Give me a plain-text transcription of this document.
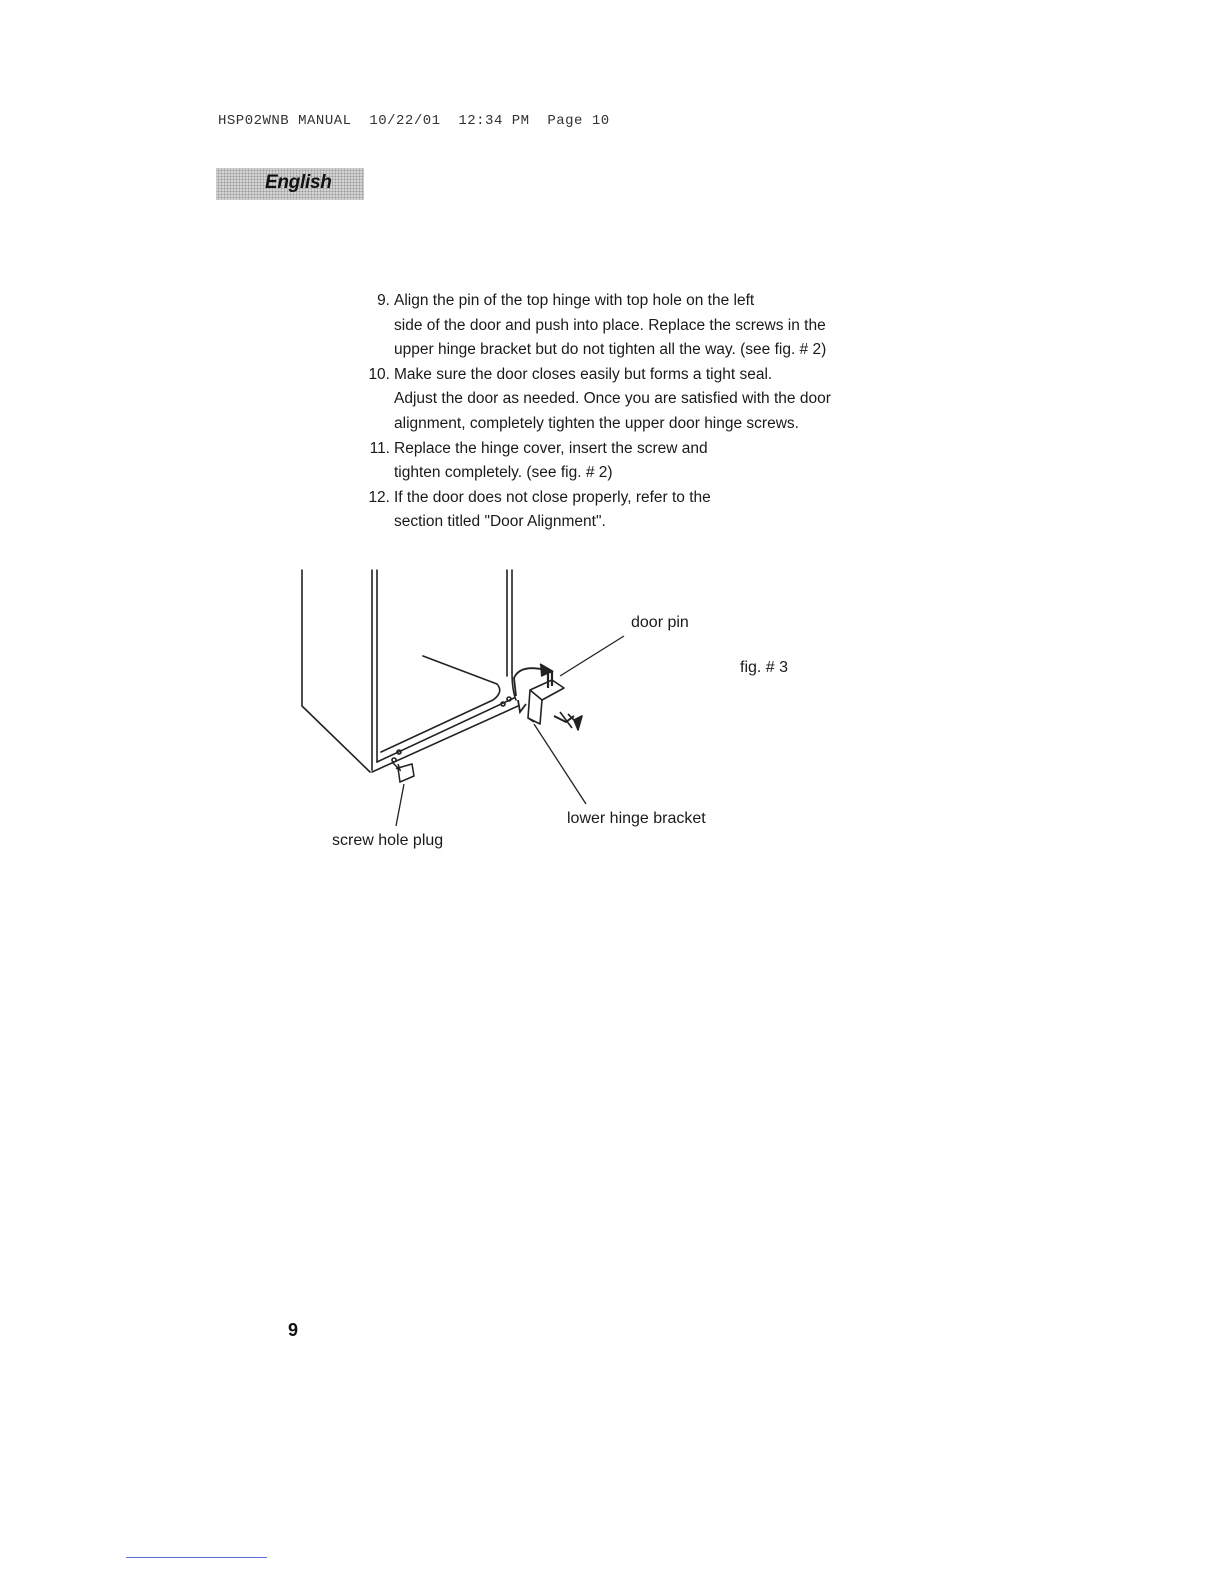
HSP02WNB MANUAL  10/22/01  12:34 PM  Page 10
English
9. Align the pin of the top hinge with top hole on the left
side of the door and push into place. Replace the screws in the
upper hinge bracket but do not tighten all the way. (see fig. # 2)
10. Make sure the door closes easily but forms a tight seal.
Adjust the door as needed. Once you are satisfied with the door
alignment, completely tighten the upper door hinge screws.
11. Replace the hinge cover, insert the screw and
tighten completely. (see fig. # 2)
12. If the door does not close properly, refer to the
section titled "Door Alignment".
door pin
fig. # 3
lower hinge bracket
screw hole plug
9
